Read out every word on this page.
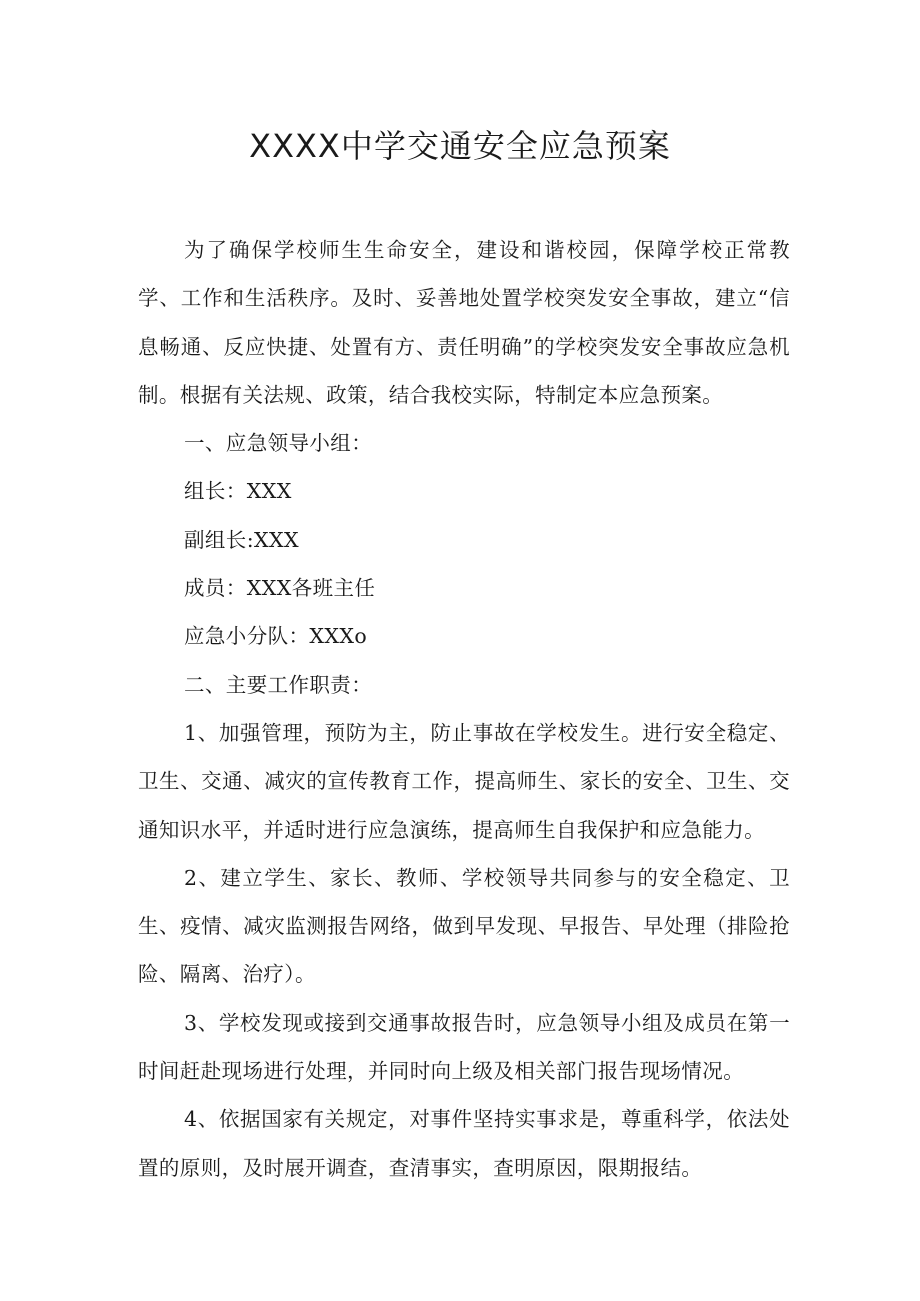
XXXX中学交通安全应急预案

为了确保学校师生生命安全，建设和谐校园，保障学校正常教学、工作和生活秩序。及时、妥善地处置学校突发安全事故，建立“信息畅通、反应快捷、处置有方、责任明确”的学校突发安全事故应急机制。根据有关法规、政策，结合我校实际，特制定本应急预案。

一、应急领导小组：

组长：XXX

副组长:XXX

成员：XXX各班主任

应急小分队：XXXo

二、主要工作职责：

1、加强管理，预防为主，防止事故在学校发生。进行安全稳定、卫生、交通、减灾的宣传教育工作，提高师生、家长的安全、卫生、交通知识水平，并适时进行应急演练，提高师生自我保护和应急能力。

2、建立学生、家长、教师、学校领导共同参与的安全稳定、卫生、疫情、减灾监测报告网络，做到早发现、早报告、早处理（排险抢险、隔离、治疗）。

3、学校发现或接到交通事故报告时，应急领导小组及成员在第一时间赶赴现场进行处理，并同时向上级及相关部门报告现场情况。

4、依据国家有关规定，对事件坚持实事求是，尊重科学，依法处置的原则，及时展开调查，查清事实，查明原因，限期报结。
